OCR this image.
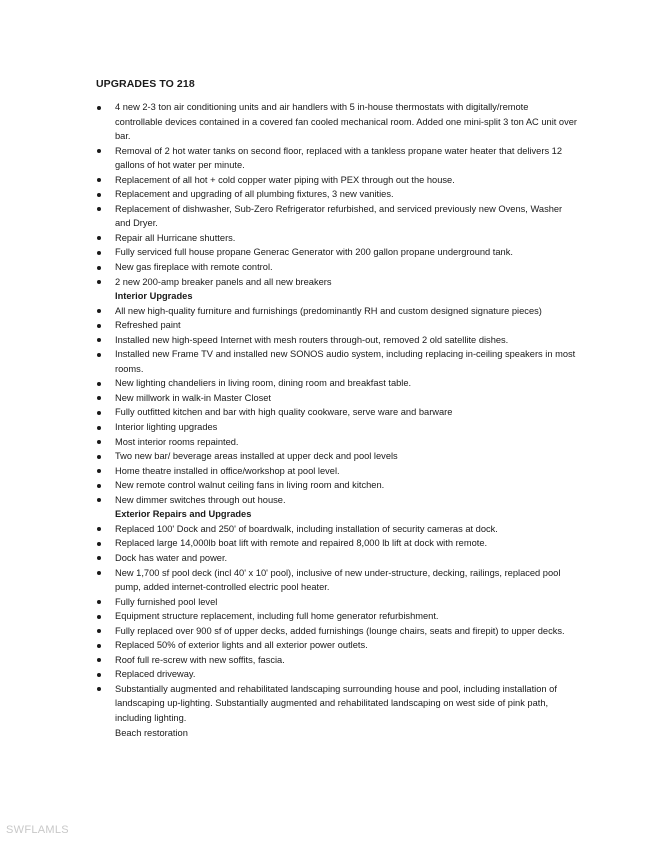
UPGRADES TO 218
4 new 2-3 ton air conditioning units and air handlers with 5 in-house thermostats with digitally/remote controllable devices contained in a covered fan cooled mechanical room. Added one mini-split 3 ton AC unit over bar.
Removal of 2 hot water tanks on second floor, replaced with a tankless propane water heater that delivers 12 gallons of hot water per minute.
Replacement of all hot + cold copper water piping with PEX through out the house.
Replacement and upgrading of all plumbing fixtures, 3 new vanities.
Replacement of dishwasher, Sub-Zero Refrigerator refurbished, and serviced previously new Ovens, Washer and Dryer.
Repair all Hurricane shutters.
Fully serviced full house propane Generac Generator with 200 gallon propane underground tank.
New gas fireplace with remote control.
2 new 200-amp breaker panels and all new breakers
Interior Upgrades
All new high-quality furniture and furnishings (predominantly RH and custom designed signature pieces)
Refreshed paint
Installed new high-speed Internet with mesh routers through-out, removed 2 old satellite dishes.
Installed new Frame TV and installed new SONOS audio system, including replacing in-ceiling speakers in most rooms.
New lighting chandeliers in living room, dining room and breakfast table.
New millwork in walk-in Master Closet
Fully outfitted kitchen and bar with high quality cookware, serve ware and barware
Interior lighting upgrades
Most interior rooms repainted.
Two new bar/ beverage areas installed at upper deck and pool levels
Home theatre installed in office/workshop at pool level.
New remote control walnut ceiling fans in living room and kitchen.
New dimmer switches through out house.
Exterior Repairs and Upgrades
Replaced 100' Dock and 250' of boardwalk, including installation of security cameras at dock.
Replaced large 14,000lb boat lift with remote and repaired 8,000 lb lift at dock with remote.
Dock has water and power.
New 1,700 sf pool deck (incl 40' x 10' pool), inclusive of new under-structure, decking, railings, replaced pool pump, added internet-controlled electric pool heater.
Fully furnished pool level
Equipment structure replacement, including full home generator refurbishment.
Fully replaced over 900 sf of upper decks, added furnishings (lounge chairs, seats and firepit) to upper decks.
Replaced 50% of exterior lights and all exterior power outlets.
Roof full re-screw with new soffits, fascia.
Replaced driveway.
Substantially augmented and rehabilitated landscaping surrounding house and pool, including installation of landscaping up-lighting. Substantially augmented and rehabilitated landscaping on west side of pink path, including lighting.
Beach restoration
SWFLAMLS
